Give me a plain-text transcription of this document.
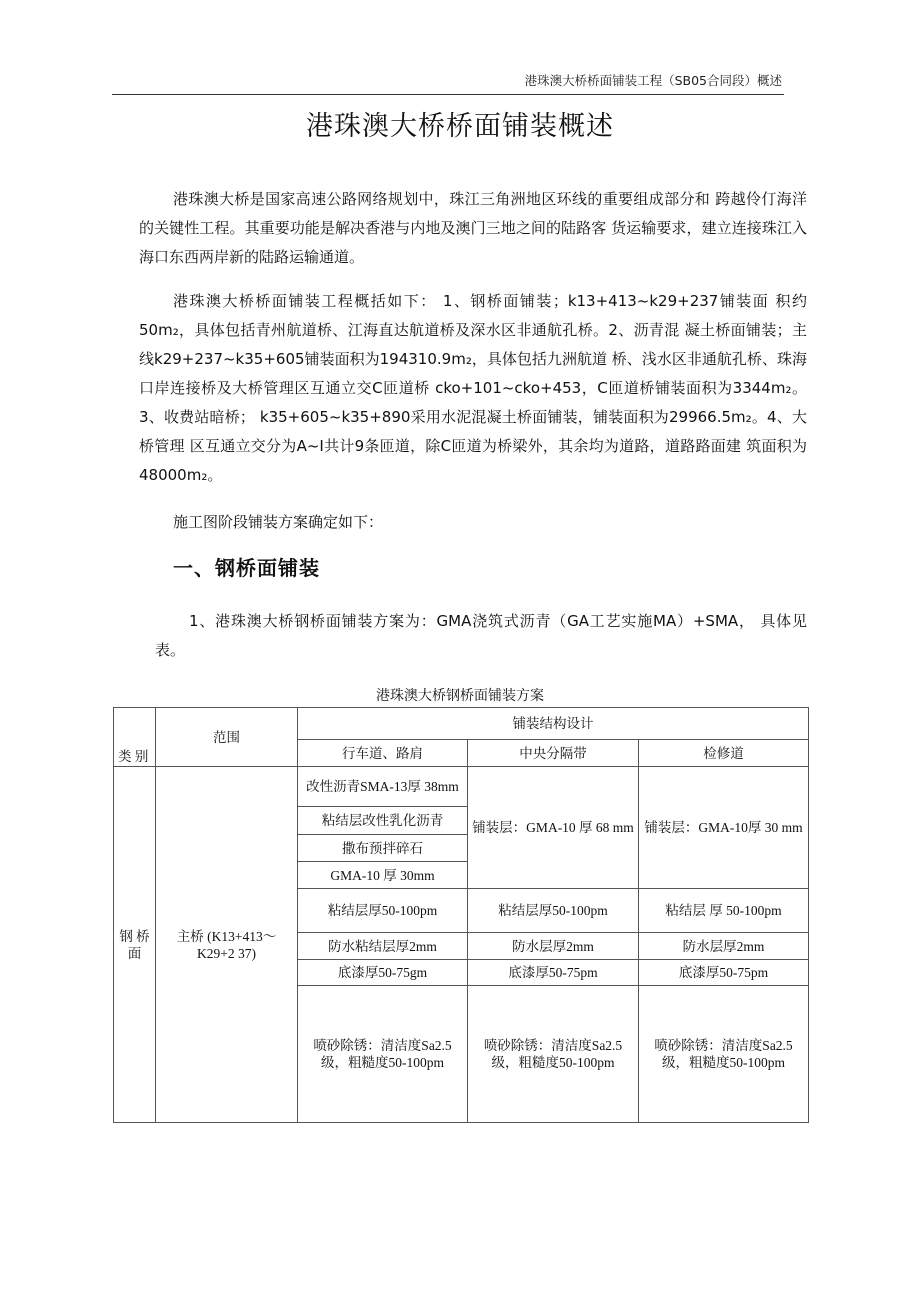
港珠澳大桥桥面铺装工程（SB05合同段）概述
港珠澳大桥桥面铺装概述

港珠澳大桥是国家高速公路网络规划中，珠江三角洲地区环线的重要组成部分和 跨越伶仃海洋的关键性工程。其重要功能是解决香港与内地及澳门三地之间的陆路客 货运输要求，建立连接珠江入海口东西两岸新的陆路运输通道。

港珠澳大桥桥面铺装工程概括如下： 1、钢桥面铺装；k13+413~k29+237铺装面 积约50m₂，具体包括青州航道桥、江海直达航道桥及深水区非通航孔桥。2、沥青混 凝土桥面铺装；主线k29+237~k35+605铺装面积为194310.9m₂，具体包括九洲航道 桥、浅水区非通航孔桥、珠海口岸连接桥及大桥管理区互通立交C匝道桥 cko+101~cko+453，C匝道桥铺装面积为3344m₂。3、收费站暗桥； k35+605~k35+890采用水泥混凝土桥面铺装，铺装面积为29966.5m₂。4、大桥管理 区互通立交分为A~I共计9条匝道，除C匝道为桥梁外，其余均为道路，道路路面建 筑面积为48000m₂。

施工图阶段铺装方案确定如下：

一、钢桥面铺装

1、港珠澳大桥钢桥面铺装方案为：GMA浇筑式沥青（GA工艺实施MA）+SMA， 具体见表。

港珠澳大桥钢桥面铺装方案
类 别	范围	铺装结构设计		
		行车道、路肩	中央分隔带	检修道
钢 桥 面	主桥 (K13+413～K29+2 37)	改性沥青SMA-13厚 38mm	铺装层：GMA-10 厚 68 mm	铺装层：GMA-10厚 30 mm
		粘结层改性乳化沥青		
		撒布预拌碎石		
		GMA-10 厚 30mm		
		粘结层厚50-100pm	粘结层厚50-100pm	粘结层 厚 50-100pm
		防水粘结层厚2mm	防水层厚2mm	防水层厚2mm
		底漆厚50-75gm	底漆厚50-75pm	底漆厚50-75pm
		喷砂除锈：清洁度Sa2.5级，粗糙度50-100pm	喷砂除锈：清洁度Sa2.5级，粗糙度50-100pm	喷砂除锈：清洁度Sa2.5级，粗糙度50-100pm
